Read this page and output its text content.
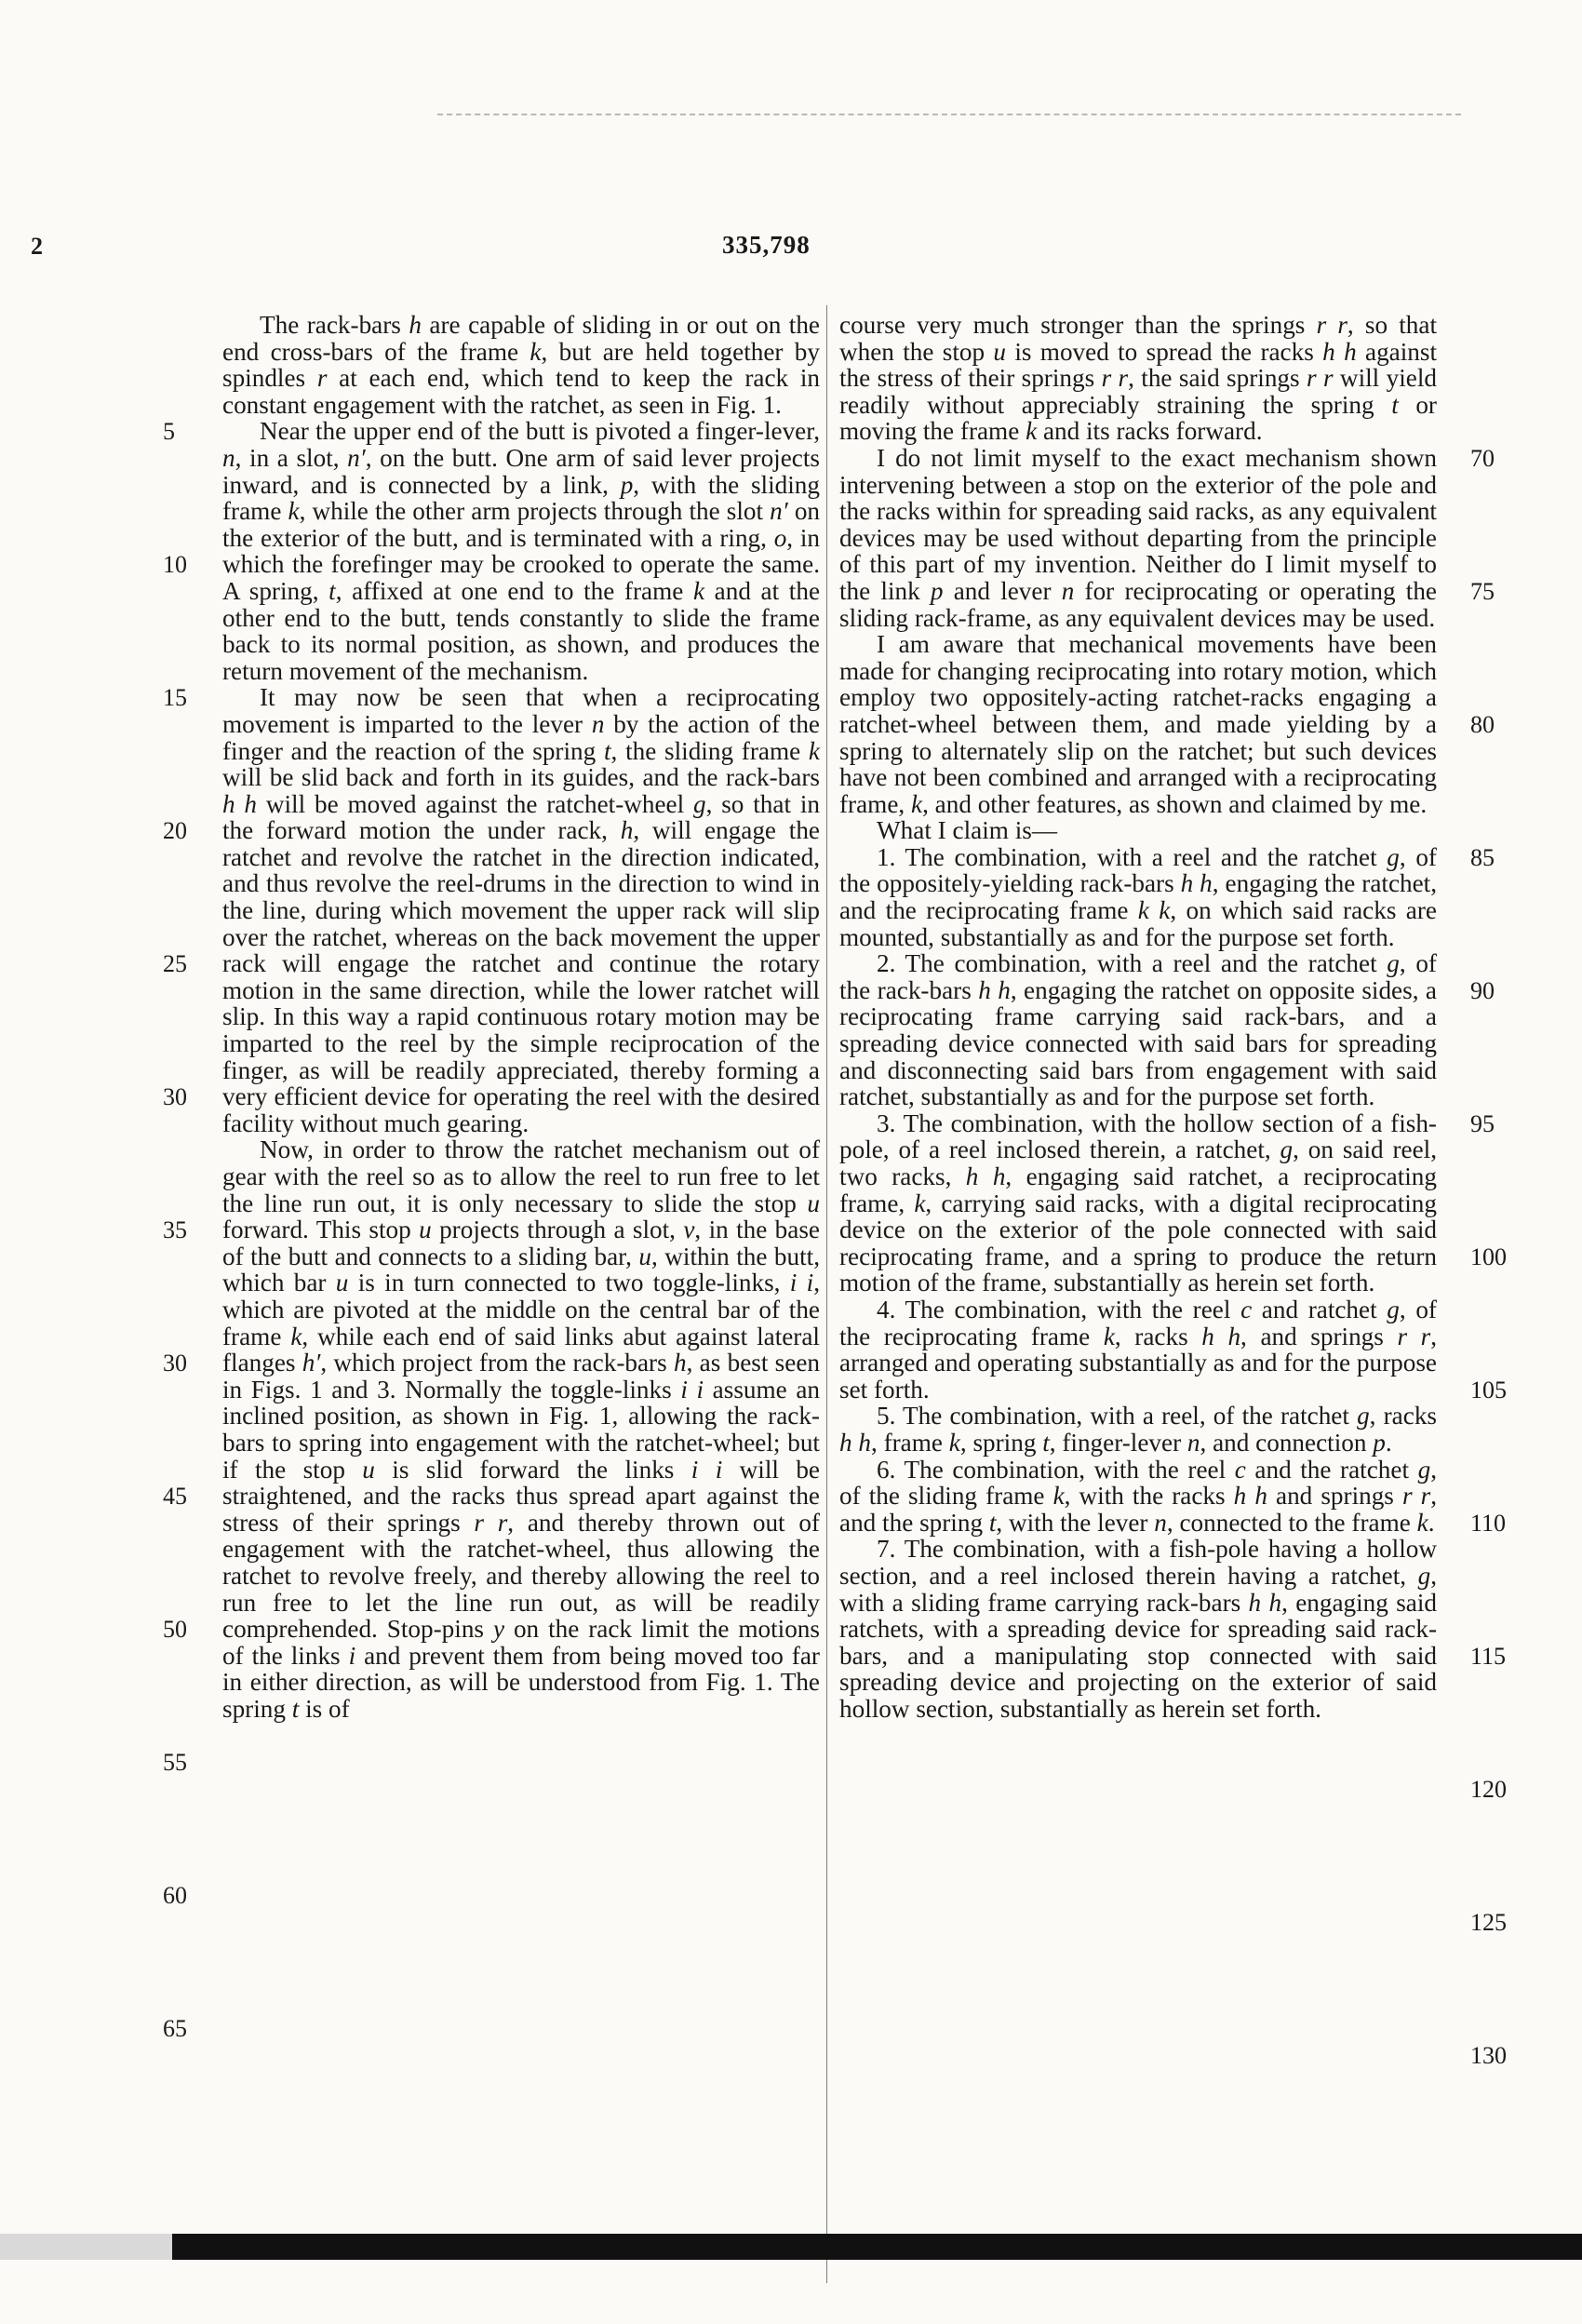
2	335,798

The rack-bars h are capable of sliding in or out on the end cross-bars of the frame k, but are held together by spindles r at each end, which tend to keep the rack in constant engagement with the ratchet, as seen in Fig. 1.

Near the upper end of the butt is pivoted a finger-lever, n, in a slot, n′, on the butt. One arm of said lever projects inward, and is connected by a link, p, with the sliding frame k, while the other arm projects through the slot n′ on the exterior of the butt, and is terminated with a ring, o, in which the forefinger may be crooked to operate the same. A spring, t, affixed at one end to the frame k and at the other end to the butt, tends constantly to slide the frame back to its normal position, as shown, and produces the return movement of the mechanism.

It may now be seen that when a reciprocating movement is imparted to the lever n by the action of the finger and the reaction of the spring t, the sliding frame k will be slid back and forth in its guides, and the rack-bars h h will be moved against the ratchet-wheel g, so that in the forward motion the under rack, h, will engage the ratchet and revolve the ratchet in the direction indicated, and thus revolve the reel-drums in the direction to wind in the line, during which movement the upper rack will slip over the ratchet, whereas on the back movement the upper rack will engage the ratchet and continue the rotary motion in the same direction, while the lower ratchet will slip. In this way a rapid continuous rotary motion may be imparted to the reel by the simple reciprocation of the finger, as will be readily appreciated, thereby forming a very efficient device for operating the reel with the desired facility without much gearing.

Now, in order to throw the ratchet mechanism out of gear with the reel so as to allow the reel to run free to let the line run out, it is only necessary to slide the stop u forward. This stop u projects through a slot, v, in the base of the butt and connects to a sliding bar, u, within the butt, which bar u is in turn connected to two toggle-links, i i, which are pivoted at the middle on the central bar of the frame k, while each end of said links abut against lateral flanges h′, which project from the rack-bars h, as best seen in Figs. 1 and 3. Normally the toggle-links i i assume an inclined position, as shown in Fig. 1, allowing the rack-bars to spring into engagement with the ratchet-wheel; but if the stop u is slid forward the links i i will be straightened, and the racks thus spread apart against the stress of their springs r r, and thereby thrown out of engagement with the ratchet-wheel, thus allowing the ratchet to revolve freely, and thereby allowing the reel to run free to let the line run out, as will be readily comprehended. Stop-pins y on the rack limit the motions of the links i and prevent them from being moved too far in either direction, as will be understood from Fig. 1. The spring t is of

course very much stronger than the springs r r, so that when the stop u is moved to spread the racks h h against the stress of their springs r r, the said springs r r will yield readily without appreciably straining the spring t or moving the frame k and its racks forward.

I do not limit myself to the exact mechanism shown intervening between a stop on the exterior of the pole and the racks within for spreading said racks, as any equivalent devices may be used without departing from the principle of this part of my invention. Neither do I limit myself to the link p and lever n for reciprocating or operating the sliding rack-frame, as any equivalent devices may be used.

I am aware that mechanical movements have been made for changing reciprocating into rotary motion, which employ two oppositely-acting ratchet-racks engaging a ratchet-wheel between them, and made yielding by a spring to alternately slip on the ratchet; but such devices have not been combined and arranged with a reciprocating frame, k, and other features, as shown and claimed by me.

What I claim is—

1. The combination, with a reel and the ratchet g, of the oppositely-yielding rack-bars h h, engaging the ratchet, and the reciprocating frame k k, on which said racks are mounted, substantially as and for the purpose set forth.

2. The combination, with a reel and the ratchet g, of the rack-bars h h, engaging the ratchet on opposite sides, a reciprocating frame carrying said rack-bars, and a spreading device connected with said bars for spreading and disconnecting said bars from engagement with said ratchet, substantially as and for the purpose set forth.

3. The combination, with the hollow section of a fish-pole, of a reel inclosed therein, a ratchet, g, on said reel, two racks, h h, engaging said ratchet, a reciprocating frame, k, carrying said racks, with a digital reciprocating device on the exterior of the pole connected with said reciprocating frame, and a spring to produce the return motion of the frame, substantially as herein set forth.

4. The combination, with the reel c and ratchet g, of the reciprocating frame k, racks h h, and springs r r, arranged and operating substantially as and for the purpose set forth.

5. The combination, with a reel, of the ratchet g, racks h h, frame k, spring t, finger-lever n, and connection p.

6. The combination, with the reel c and the ratchet g, of the sliding frame k, with the racks h h and springs r r, and the spring t, with the lever n, connected to the frame k.

7. The combination, with a fish-pole having a hollow section, and a reel inclosed therein having a ratchet, g, with a sliding frame carrying rack-bars h h, engaging said ratchets, with a spreading device for spreading said rack-bars, and a manipulating stop connected with said spreading device and projecting on the exterior of said hollow section, substantially as herein set forth.

5
10
15
20
25
30
35
30
45
50
55
60
65
70
75
80
85
90
95
100
105
110
115
120
125
130
